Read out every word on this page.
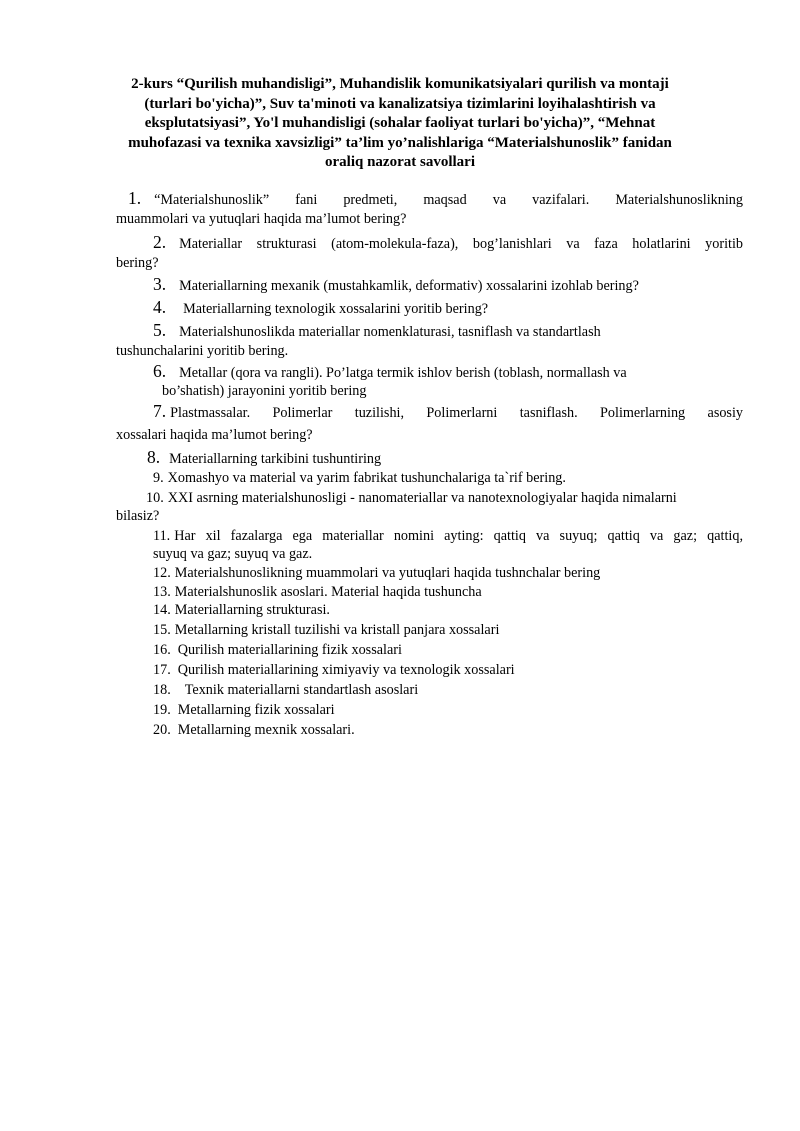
2-kurs “Qurilish muhandisligi”, Muhandislik komunikatsiyalari qurilish va montaji
(turlari bo'yicha)”, Suv ta'minoti va kanalizatsiya tizimlarini loyihalashtirish va
eksplutatsiyasi”, Yo'l muhandisligi (sohalar faoliyat turlari bo'yicha)”, “Mehnat
muhofazasi va texnika xavsizligi” ta’lim yo’nalishlariga “Materialshunoslik” fanidan
oraliq nazorat savollari
1. “Materialshunoslik” fani predmeti, maqsad va vazifalari. Materialshunoslikning
muammolari va yutuqlari haqida ma’lumot bering?
2. Materiallar strukturasi (atom-molekula-faza), bog’lanishlari va faza holatlarini yoritib
bering?
3. Materiallarning mexanik (mustahkamlik, deformativ) xossalarini izohlab bering?
4. Materiallarning texnologik xossalarini yoritib bering?
5. Materialshunoslikda materiallar nomenklaturasi, tasniflash va standartlash
tushunchalarini yoritib bering.
6. Metallar (qora va rangli). Po’latga termik ishlov berish (toblash, normallash va
bo’shatish) jarayonini yoritib bering
7. Plastmassalar. Polimerlar tuzilishi, Polimerlarni tasniflash. Polimerlarning asosiy
xossalari haqida ma’lumot bering?
8. Materiallarning tarkibini tushuntiring
9. Xomashyo va material va yarim fabrikat tushunchalariga ta`rif bering.
10. XXI asrning materialshunosligi - nanomateriallar va nanotexnologiyalar haqida nimalarni
bilasiz?
11. Har xil fazalarga ega materiallar nomini ayting: qattiq va suyuq; qattiq va gaz; qattiq,
suyuq va gaz; suyuq va gaz.
12. Materialshunoslikning muammolari va yutuqlari haqida tushnchalar bering
13. Materialshunoslik asoslari. Material haqida tushuncha
14. Materiallarning strukturasi.
15. Metallarning kristall tuzilishi va kristall panjara xossalari
16. Qurilish materiallarining fizik xossalari
17. Qurilish materiallarining ximiyaviy va texnologik xossalari
18. Texnik materiallarni standartlash asoslari
19. Metallarning fizik xossalari
20. Metallarning mexnik xossalari.
